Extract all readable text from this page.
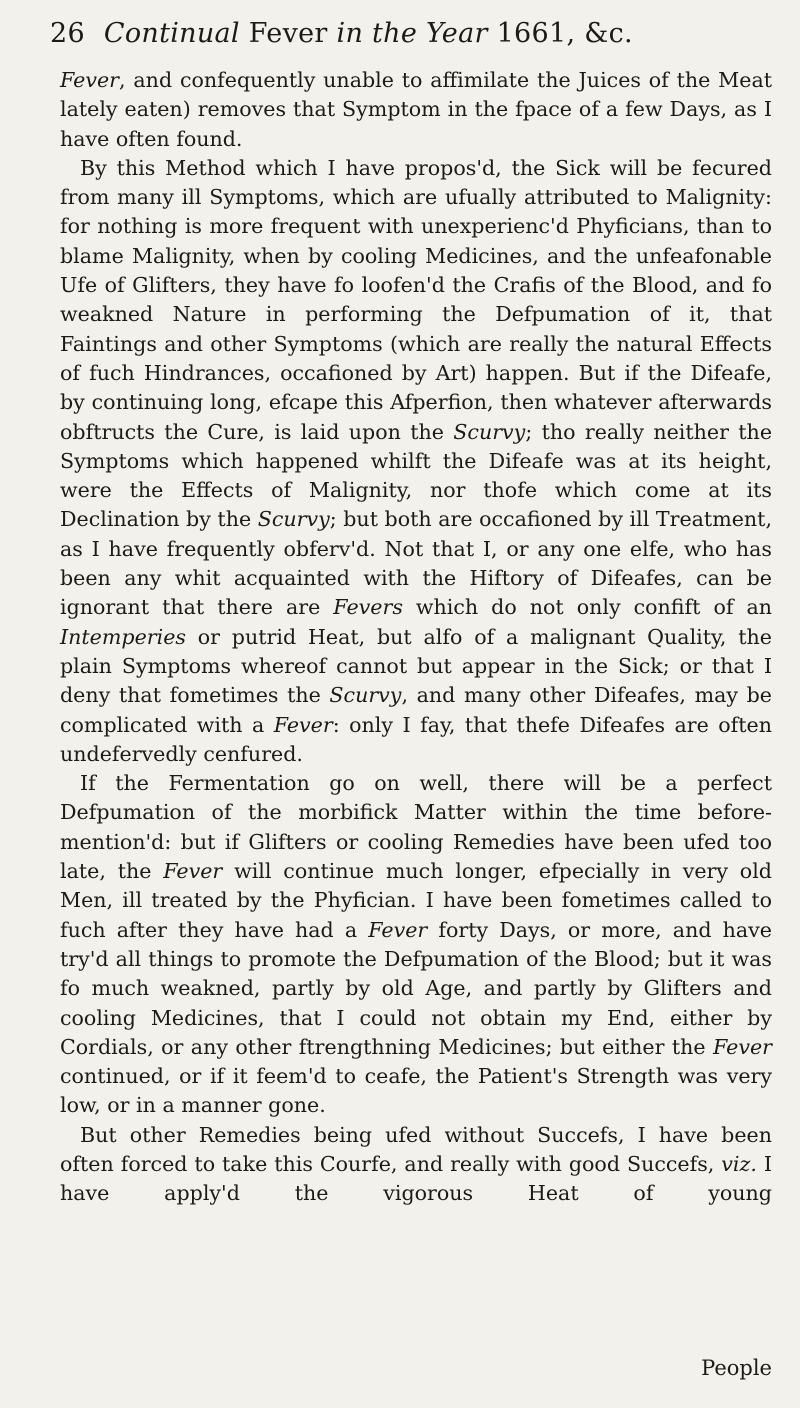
26 Continual Fever in the Year 1661, &c.

Fever, and confequently unable to affimilate the Juices of the Meat lately eaten) removes that Symptom in the fpace of a few Days, as I have often found.

By this Method which I have propos'd, the Sick will be fecured from many ill Symptoms, which are ufually attributed to Malignity: for nothing is more frequent with unexperienc'd Phyficians, than to blame Malignity, when by cooling Medicines, and the unfeafonable Ufe of Glifters, they have fo loofen'd the Crafis of the Blood, and fo weakned Nature in performing the Defpumation of it, that Faintings and other Symptoms (which are really the natural Effects of fuch Hindrances, occafioned by Art) happen. But if the Difeafe, by continuing long, efcape this Afperfion, then whatever afterwards obftructs the Cure, is laid upon the Scurvy; tho really neither the Symptoms which happened whilft the Difeafe was at its height, were the Effects of Malignity, nor thofe which come at its Declination by the Scurvy; but both are occafioned by ill Treatment, as I have frequently obferv'd. Not that I, or any one elfe, who has been any whit acquainted with the Hiftory of Difeafes, can be ignorant that there are Fevers which do not only confift of an Intemperies or putrid Heat, but alfo of a malignant Quality, the plain Symptoms whereof cannot but appear in the Sick; or that I deny that fometimes the Scurvy, and many other Difeafes, may be complicated with a Fever: only I fay, that thefe Difeafes are often undefervedly cenfured.

If the Fermentation go on well, there will be a perfect Defpumation of the morbifick Matter within the time before-mention'd: but if Glifters or cooling Remedies have been ufed too late, the Fever will continue much longer, efpecially in very old Men, ill treated by the Phyfician. I have been fometimes called to fuch after they have had a Fever forty Days, or more, and have try'd all things to promote the Defpumation of the Blood; but it was fo much weakned, partly by old Age, and partly by Glifters and cooling Medicines, that I could not obtain my End, either by Cordials, or any other ftrengthning Medicines; but either the Fever continued, or if it feem'd to ceafe, the Patient's Strength was very low, or in a manner gone.

But other Remedies being ufed without Succefs, I have been often forced to take this Courfe, and really with good Succefs, viz. I have apply'd the vigorous Heat of young

People
